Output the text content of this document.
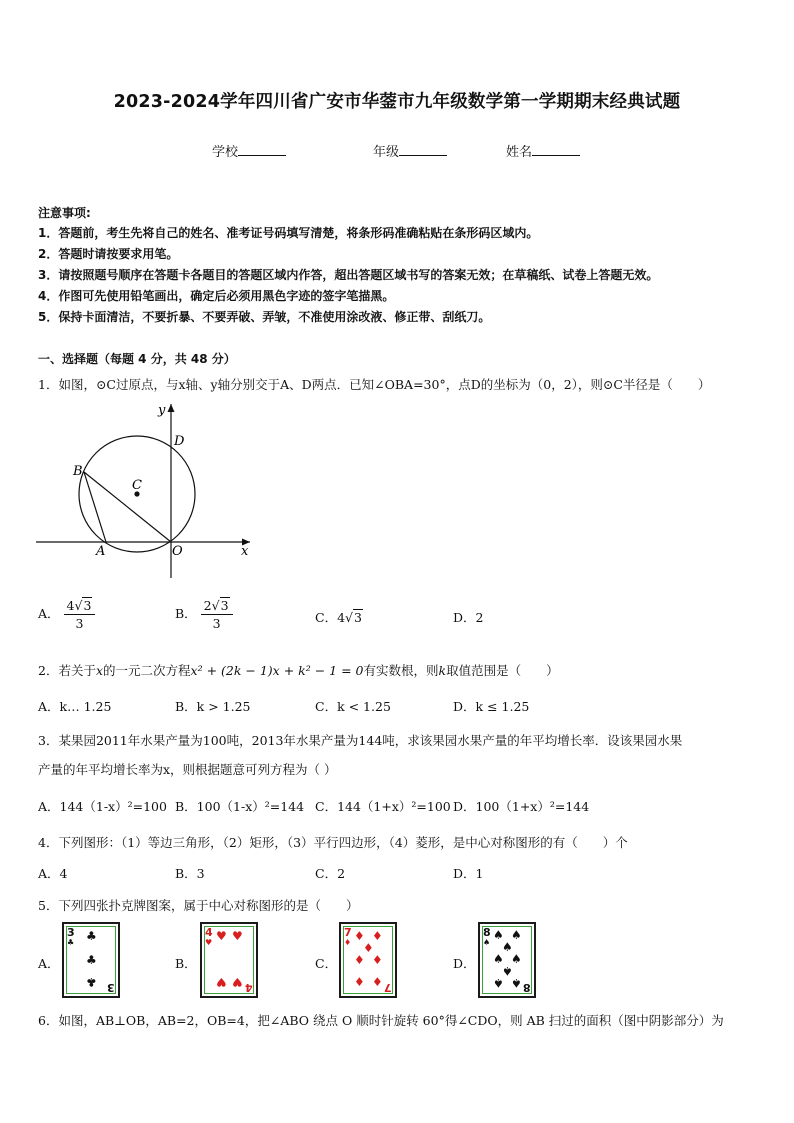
2023-2024学年四川省广安市华蓥市九年级数学第一学期期末经典试题
学校	年级	姓名
注意事项:
1．答题前，考生先将自己的姓名、准考证号码填写清楚，将条形码准确粘贴在条形码区域内。
2．答题时请按要求用笔。
3．请按照题号顺序在答题卡各题目的答题区域内作答，超出答题区域书写的答案无效；在草稿纸、试卷上答题无效。
4．作图可先使用铅笔画出，确定后必须用黑色字迹的签字笔描黑。
5．保持卡面清洁，不要折暴、不要弄破、弄皱，不准使用涂改液、修正带、刮纸刀。
一、选择题（每题 4 分，共 48 分）
1．如图，⊙C过原点，与x轴、y轴分别交于A、D两点．已知∠OBA=30°，点D的坐标为（0，2），则⊙C半径是（　　）
y
x
D
B
C
A	O
A． $\frac{4√3}{3}$	B． $\frac{2√3}{3}$	C．4√3	D．2
2．若关于x的一元二次方程x² + (2k − 1)x + k² − 1 = 0有实数根，则k取值范围是（　　）
A．k… 1.25	B．k > 1.25	C．k < 1.25	D．k ≤ 1.25
3．某果园2011年水果产量为100吨，2013年水果产量为144吨，求该果园水果产量的年平均增长率．设该果园水果
产量的年平均增长率为x，则根据题意可列方程为（ ）
A．144（1-x）²=100 B．100（1-x）²=144 C．144（1+x）²=100 D．100（1+x）²=144
4．下列图形：（1）等边三角形，（2）矩形，（3）平行四边形，（4）菱形，是中心对称图形的有（　　）个
A．4	B．3	C．2	D．1
5．下列四张扑克牌图案，属于中心对称图形的是（　　）
A．	B．	C．	D．
3
♣ ♣
♣
♣ 3
4
♥ ♥ ♥
♥ ♥ 4
7
♦ ♦ ♦
♦
♦ ♦
♦ ♦ 7
8
♠
♠ ♠
♠
♠ ♠
♠
♠ ♠ 8
6．如图，AB⊥OB，AB=2，OB=4，把∠ABO 绕点 O 顺时针旋转 60°得∠CDO，则 AB 扫过的面积（图中阴影部分）为
